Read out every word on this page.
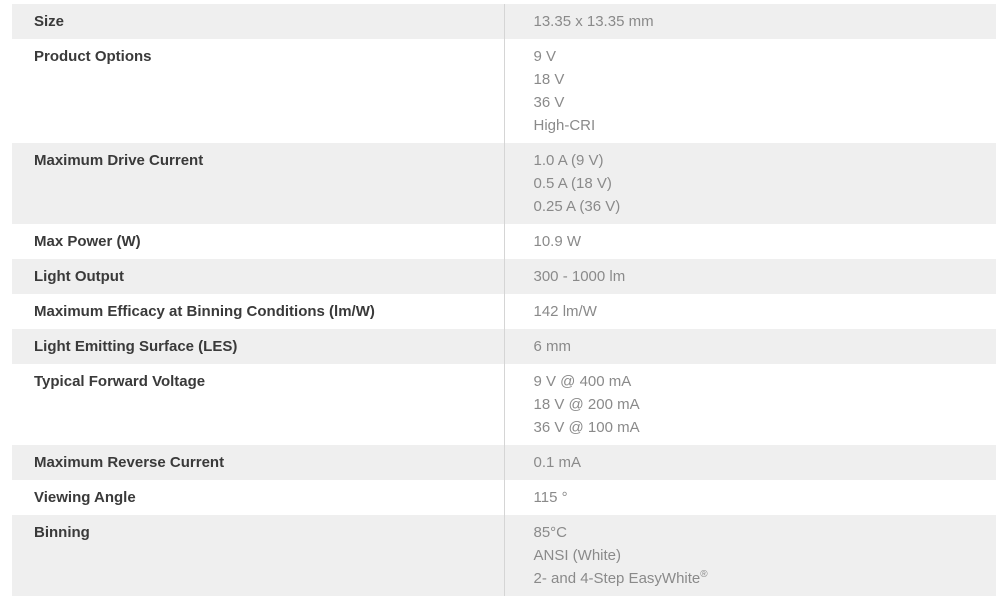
Size	13.35 x 13.35 mm

Product Options	9 V
18 V
36 V
High-CRI

Maximum Drive Current	1.0 A (9 V)
0.5 A (18 V)
0.25 A (36 V)

Max Power (W)	10.9 W

Light Output	300 - 1000 lm

Maximum Efficacy at Binning Conditions (lm/W)	142 lm/W

Light Emitting Surface (LES)	6 mm

Typical Forward Voltage	9 V @ 400 mA
18 V @ 200 mA
36 V @ 100 mA

Maximum Reverse Current	0.1 mA

Viewing Angle	115 °

Binning	85°C
ANSI (White)
2- and 4-Step EasyWhite®
